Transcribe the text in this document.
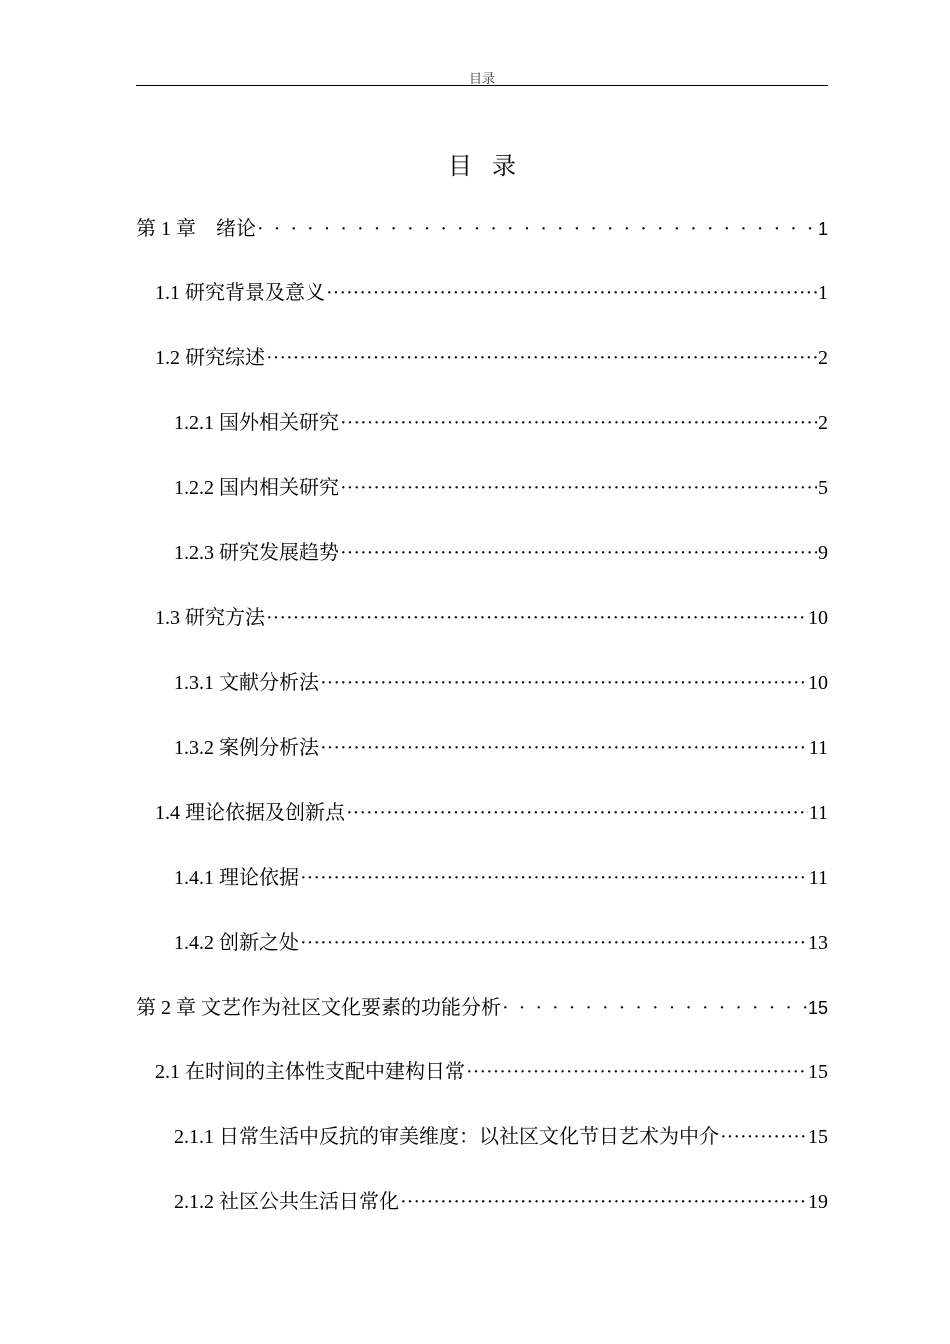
目录
目录
第 1 章　绪论 ·····	1
1.1 研究背景及意义 ·····	1
1.2 研究综述 ·····	2
1.2.1 国外相关研究 ·····	2
1.2.2 国内相关研究 ·····	5
1.2.3 研究发展趋势 ·····	9
1.3 研究方法 ·····	10
1.3.1 文献分析法 ·····	10
1.3.2 案例分析法 ·····	11
1.4 理论依据及创新点 ·····	11
1.4.1 理论依据 ·····	11
1.4.2 创新之处 ·····	13
第 2 章 文艺作为社区文化要素的功能分析 ·····	15
2.1 在时间的主体性支配中建构日常 ·····	15
2.1.1 日常生活中反抗的审美维度：以社区文化节日艺术为中介 ·····	15
2.1.2 社区公共生活日常化 ·····	19
